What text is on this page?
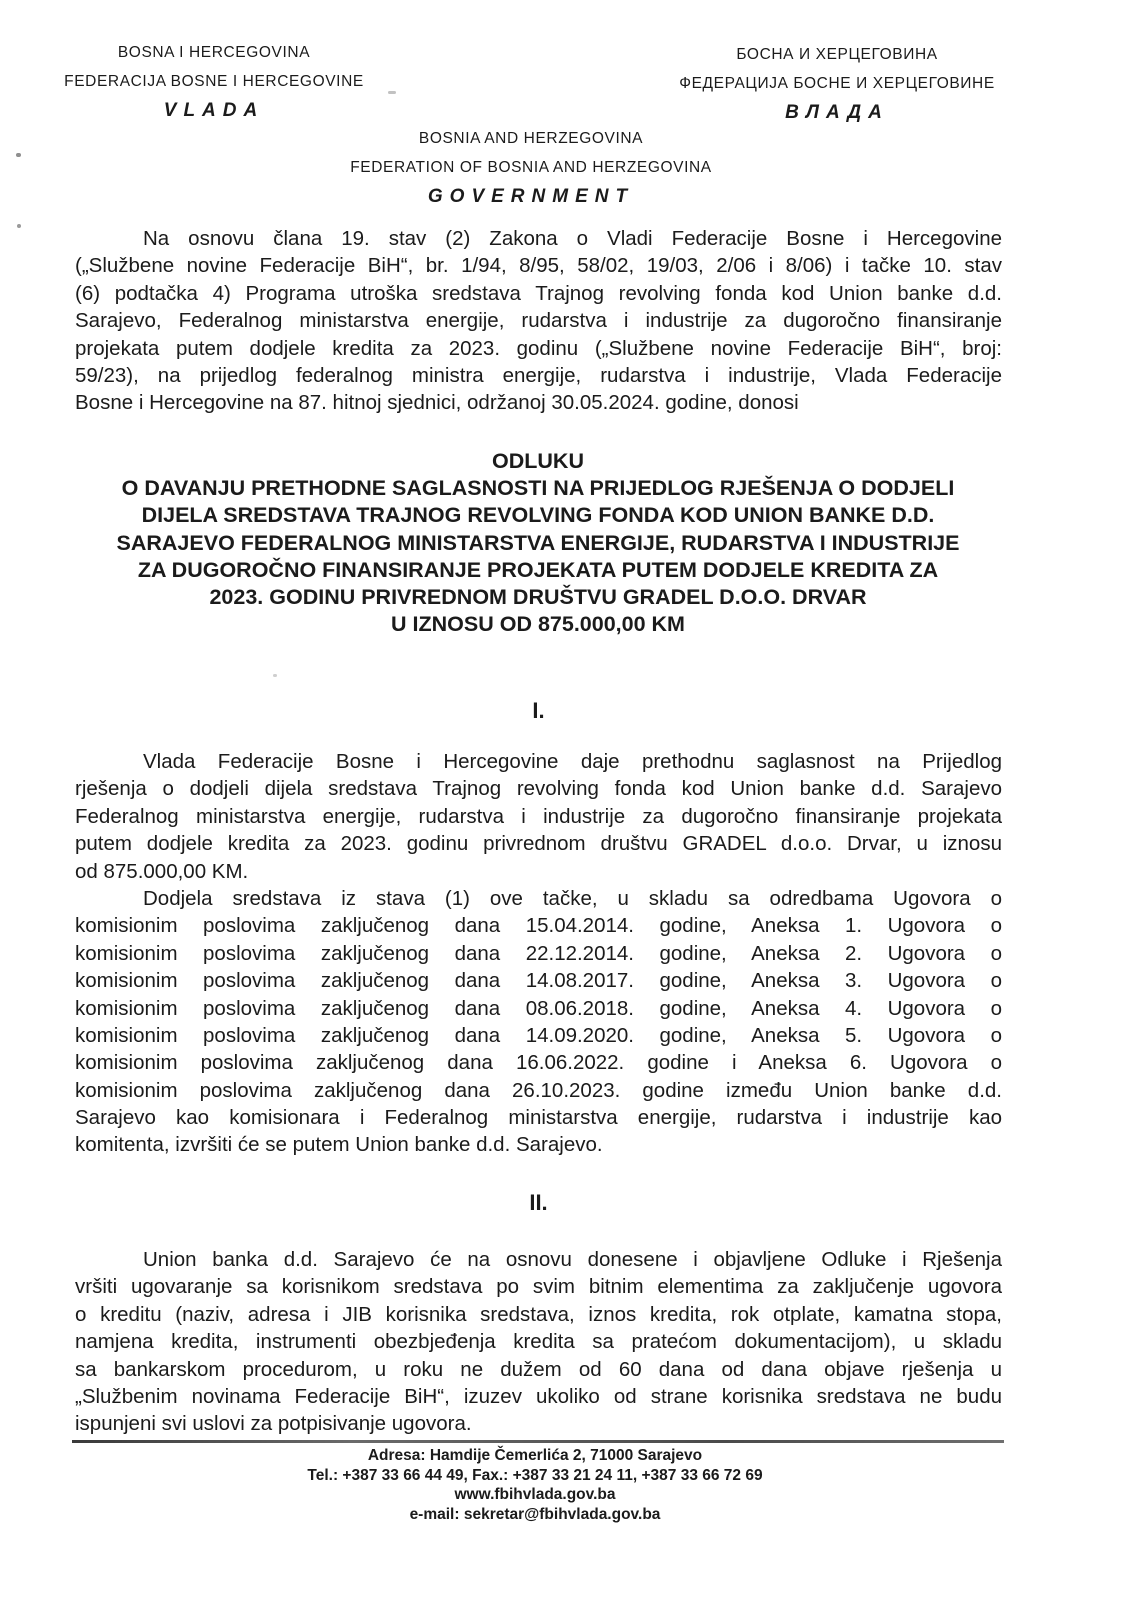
BOSNA I HERCEGOVINA
FEDERACIJA BOSNE I HERCEGOVINE
VLADA
БОСНА И ХЕРЦЕГОВИНА
ФЕДЕРАЦИЈА БОСНЕ И ХЕРЦЕГОВИНЕ
ВЛАДА
BOSNIA AND HERZEGOVINA
FEDERATION OF BOSNIA AND HERZEGOVINA
GOVERNMENT
Na osnovu člana 19. stav (2) Zakona o Vladi Federacije Bosne i Hercegovine
(„Službene novine Federacije BiH“, br. 1/94, 8/95, 58/02, 19/03, 2/06 i 8/06) i tačke 10. stav
(6) podtačka 4) Programa utroška sredstava Trajnog revolving fonda kod Union banke d.d.
Sarajevo, Federalnog ministarstva energije, rudarstva i industrije za dugoročno finansiranje
projekata putem dodjele kredita za 2023. godinu („Službene novine Federacije BiH“, broj:
59/23), na prijedlog federalnog ministra energije, rudarstva i industrije, Vlada Federacije
Bosne i Hercegovine na 87. hitnoj sjednici, održanoj 30.05.2024. godine, donosi
ODLUKU
O DAVANJU PRETHODNE SAGLASNOSTI NA PRIJEDLOG RJEŠENJA O DODJELI
DIJELA SREDSTAVA TRAJNOG REVOLVING FONDA KOD UNION BANKE D.D.
SARAJEVO FEDERALNOG MINISTARSTVA ENERGIJE, RUDARSTVA I INDUSTRIJE
ZA DUGOROČNO FINANSIRANJE PROJEKATA PUTEM DODJELE KREDITA ZA
2023. GODINU PRIVREDNOM DRUŠTVU GRADEL D.O.O. DRVAR
U IZNOSU OD 875.000,00 KM
I.
Vlada Federacije Bosne i Hercegovine daje prethodnu saglasnost na Prijedlog
rješenja o dodjeli dijela sredstava Trajnog revolving fonda kod Union banke d.d. Sarajevo
Federalnog ministarstva energije, rudarstva i industrije za dugoročno finansiranje projekata
putem dodjele kredita za 2023. godinu privrednom društvu GRADEL d.o.o. Drvar, u iznosu
od 875.000,00 KM.
Dodjela sredstava iz stava (1) ove tačke, u skladu sa odredbama Ugovora o
komisionim poslovima zaključenog dana 15.04.2014. godine, Aneksa 1. Ugovora o
komisionim poslovima zaključenog dana 22.12.2014. godine, Aneksa 2. Ugovora o
komisionim poslovima zaključenog dana 14.08.2017. godine, Aneksa 3. Ugovora o
komisionim poslovima zaključenog dana 08.06.2018. godine, Aneksa 4. Ugovora o
komisionim poslovima zaključenog dana 14.09.2020. godine, Aneksa 5. Ugovora o
komisionim poslovima zaključenog dana 16.06.2022. godine i Aneksa 6. Ugovora o
komisionim poslovima zaključenog dana 26.10.2023. godine između Union banke d.d.
Sarajevo kao komisionara i Federalnog ministarstva energije, rudarstva i industrije kao
komitenta, izvršiti će se putem Union banke d.d. Sarajevo.
II.
Union banka d.d. Sarajevo će na osnovu donesene i objavljene Odluke i Rješenja
vršiti ugovaranje sa korisnikom sredstava po svim bitnim elementima za zaključenje ugovora
o kreditu (naziv, adresa i JIB korisnika sredstava, iznos kredita, rok otplate, kamatna stopa,
namjena kredita, instrumenti obezbjeđenja kredita sa pratećom dokumentacijom), u skladu
sa bankarskom procedurom, u roku ne dužem od 60 dana od dana objave rješenja u
„Službenim novinama Federacije BiH“, izuzev ukoliko od strane korisnika sredstava ne budu
ispunjeni svi uslovi za potpisivanje ugovora.
Adresa: Hamdije Čemerlića 2, 71000 Sarajevo
Tel.: +387 33 66 44 49, Fax.: +387 33 21 24 11, +387 33 66 72 69
www.fbihvlada.gov.ba
e-mail: sekretar@fbihvlada.gov.ba
